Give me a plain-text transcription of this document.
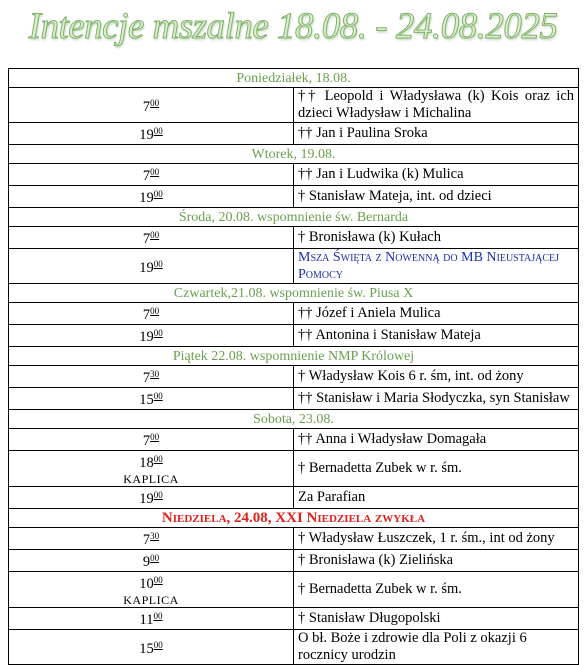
Intencje mszalne 18.08. - 24.08.2025
Poniedziałek, 18.08.	
$7^{00}$	†† Leopold i Władysława (k) Kois oraz ich dzieci Władysław i Michalina
$19^{00}$	†† Jan i Paulina Sroka
Wtorek, 19.08.	
$7^{00}$	†† Jan i Ludwika (k) Mulica
$19^{00}$	† Stanisław Mateja, int. od dzieci
Środa, 20.08. wspomnienie św. Bernarda	
$7^{00}$	† Bronisława (k) Kułach
$19^{00}$	Msza Święta z Nowenną do MB Nieustającej Pomocy
Czwartek,21.08. wspomnienie św. Piusa X	
$7^{00}$	†† Józef i Aniela Mulica
$19^{00}$	†† Antonina i Stanisław Mateja
Piątek 22.08. wspomnienie NMP Królowej	
$7^{30}$	† Władysław Kois 6 r. śm, int. od żony
$15^{00}$	†† Stanisław i Maria Słodyczka, syn Stanisław
Sobota, 23.08.	
$7^{00}$	†† Anna i Władysław Domagała
$18^{00}$
KAPLICA	† Bernadetta Zubek w r. śm.
$19^{00}$	Za Parafian
Niedziela, 24.08, XXI Niedziela zwykła	
$7^{30}$	† Władysław Łuszczek, 1 r. śm., int od żony
$9^{00}$	† Bronisława (k) Zielińska
$10^{00}$
KAPLICA	† Bernadetta Zubek w r. śm.
$11^{00}$	† Stanisław Długopolski
$15^{00}$	O bł. Boże i zdrowie dla Poli z okazji 6 rocznicy urodzin
